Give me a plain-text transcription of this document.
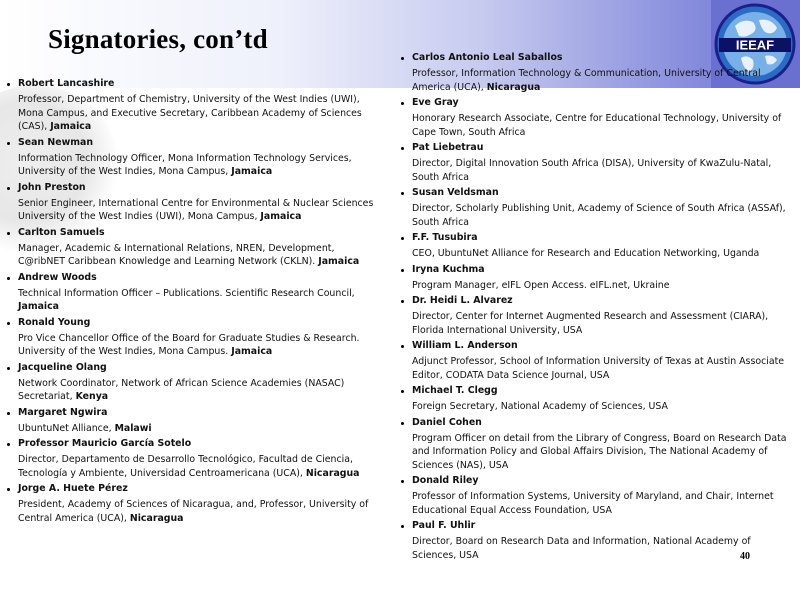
IEEAF
Signatories, con’td
Robert Lancashire
Professor, Department of Chemistry, University of the West Indies (UWI), Mona Campus, and Executive Secretary, Caribbean Academy of Sciences (CAS), Jamaica
Sean Newman
Information Technology Officer, Mona Information Technology Services, University of the West Indies, Mona Campus, Jamaica
John Preston
Senior Engineer, International Centre for Environmental & Nuclear Sciences University of the West Indies (UWI), Mona Campus, Jamaica
Carlton Samuels
Manager, Academic & International Relations, NREN, Development, C@ribNET Caribbean Knowledge and Learning Network (CKLN). Jamaica
Andrew Woods
Technical Information Officer – Publications. Scientific Research Council, Jamaica
Ronald Young
Pro Vice Chancellor Office of the Board for Graduate Studies & Research. University of the West Indies, Mona Campus. Jamaica
Jacqueline Olang
Network Coordinator, Network of African Science Academies (NASAC) Secretariat, Kenya
Margaret Ngwira
UbuntuNet Alliance, Malawi
Professor Mauricio García Sotelo
Director, Departamento de Desarrollo Tecnológico, Facultad de Ciencia, Tecnología y Ambiente, Universidad Centroamericana (UCA), Nicaragua
Jorge A. Huete Pérez
President, Academy of Sciences of Nicaragua, and, Professor, University of Central America (UCA), Nicaragua
Carlos Antonio Leal Saballos
Professor, Information Technology & Communication, University of Central America (UCA), Nicaragua
Eve Gray
Honorary Research Associate, Centre for Educational Technology, University of Cape Town, South Africa
Pat Liebetrau
Director, Digital Innovation South Africa (DISA), University of KwaZulu-Natal, South Africa
Susan Veldsman
Director, Scholarly Publishing Unit, Academy of Science of South Africa (ASSAf), South Africa
F.F. Tusubira
CEO, UbuntuNet Alliance for Research and Education Networking, Uganda
Iryna Kuchma
Program Manager, eIFL Open Access. eIFL.net, Ukraine
Dr. Heidi L. Alvarez
Director, Center for Internet Augmented Research and Assessment (CIARA), Florida International University, USA
William L. Anderson
Adjunct Professor, School of Information University of Texas at Austin Associate Editor, CODATA Data Science Journal, USA
Michael T. Clegg
Foreign Secretary, National Academy of Sciences, USA
Daniel Cohen
Program Officer on detail from the Library of Congress, Board on Research Data and Information Policy and Global Affairs Division, The National Academy of Sciences (NAS), USA
Donald Riley
Professor of Information Systems, University of Maryland, and Chair, Internet Educational Equal Access Foundation, USA
Paul F. Uhlir
Director, Board on Research Data and Information, National Academy of Sciences, USA	40
